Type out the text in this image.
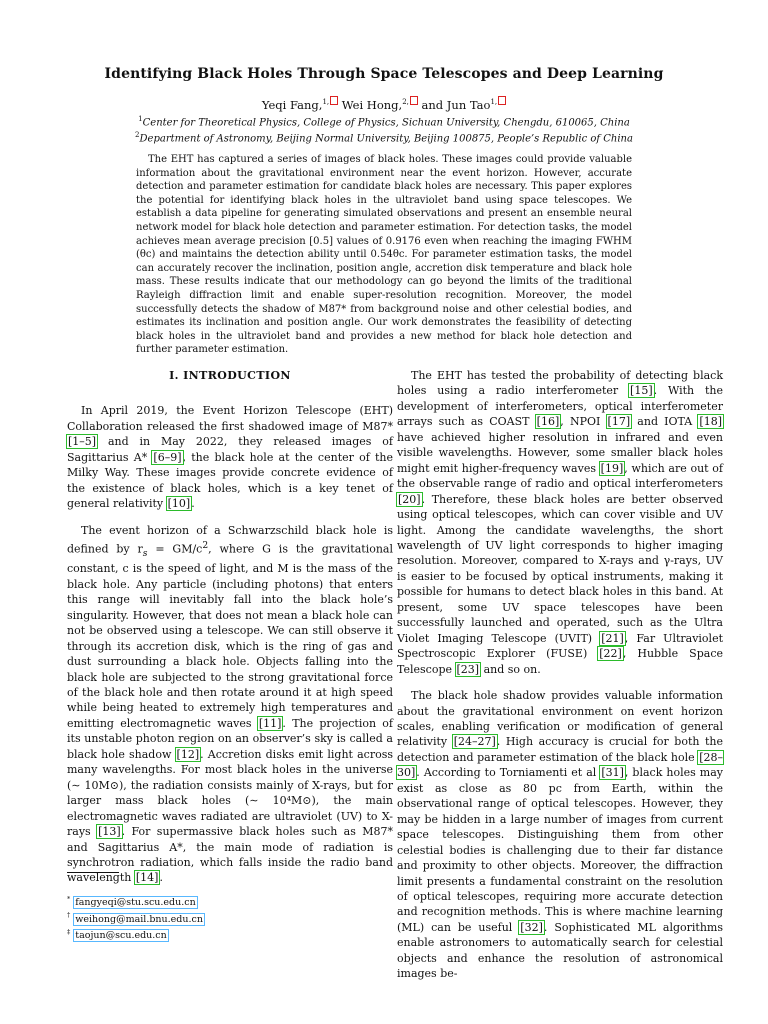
Identifying Black Holes Through Space Telescopes and Deep Learning
Yeqi Fang,$^{1,}$ Wei Hong,$^{2,}$ and Jun Tao$^{1,}$
$^1$Center for Theoretical Physics, College of Physics, Sichuan University, Chengdu, 610065, China
$^2$Department of Astronomy, Beijing Normal University, Beijing 100875, People’s Republic of China
The EHT has captured a series of images of black holes. These images could provide valuable information about the gravitational environment near the event horizon. However, accurate detection and parameter estimation for candidate black holes are necessary. This paper explores the potential for identifying black holes in the ultraviolet band using space telescopes. We establish a data pipeline for generating simulated observations and present an ensemble neural network model for black hole detection and parameter estimation. For detection tasks, the model achieves mean average precision [0.5] values of 0.9176 even when reaching the imaging FWHM (θc) and maintains the detection ability until 0.54θc. For parameter estimation tasks, the model can accurately recover the inclination, position angle, accretion disk temperature and black hole mass. These results indicate that our methodology can go beyond the limits of the traditional Rayleigh diffraction limit and enable super-resolution recognition. Moreover, the model successfully detects the shadow of M87* from background noise and other celestial bodies, and estimates its inclination and position angle. Our work demonstrates the feasibility of detecting black holes in the ultraviolet band and provides a new method for black hole detection and further parameter estimation.
I. INTRODUCTION

In April 2019, the Event Horizon Telescope (EHT) Collaboration released the first shadowed image of M87* [1–5] and in May 2022, they released images of Sagittarius A* [6–9], the black hole at the center of the Milky Way. These images provide concrete evidence of the existence of black holes, which is a key tenet of general relativity [10].

The event horizon of a Schwarzschild black hole is defined by $r_s = GM/c^2$, where G is the gravitational constant, c is the speed of light, and M is the mass of the black hole. Any particle (including photons) that enters this range will inevitably fall into the black hole’s singularity. However, that does not mean a black hole can not be observed using a telescope. We can still observe it through its accretion disk, which is the ring of gas and dust surrounding a black hole. Objects falling into the black hole are subjected to the strong gravitational force of the black hole and then rotate around it at high speed while being heated to extremely high temperatures and emitting electromagnetic waves [11]. The projection of its unstable photon region on an observer’s sky is called a black hole shadow [12]. Accretion disks emit light across many wavelengths. For most black holes in the universe (∼ 10M⊙), the radiation consists mainly of X-rays, but for larger mass black holes (∼ 10⁴M⊙), the main electromagnetic waves radiated are ultraviolet (UV) to X-rays [13]. For supermassive black holes such as M87* and Sagittarius A*, the main mode of radiation is synchrotron radiation, which falls inside the radio band wavelength [14].

The EHT has tested the probability of detecting black holes using a radio interferometer [15]. With the development of interferometers, optical interferometer arrays such as COAST [16], NPOI [17] and IOTA [18] have achieved higher resolution in infrared and even visible wavelengths. However, some smaller black holes might emit higher-frequency waves [19], which are out of the observable range of radio and optical interferometers [20]. Therefore, these black holes are better observed using optical telescopes, which can cover visible and UV light. Among the candidate wavelengths, the short wavelength of UV light corresponds to higher imaging resolution. Moreover, compared to X-rays and γ-rays, UV is easier to be focused by optical instruments, making it possible for humans to detect black holes in this band. At present, some UV space telescopes have been successfully launched and operated, such as the Ultra Violet Imaging Telescope (UVIT) [21], Far Ultraviolet Spectroscopic Explorer (FUSE) [22], Hubble Space Telescope [23] and so on.

The black hole shadow provides valuable information about the gravitational environment on event horizon scales, enabling verification or modification of general relativity [24–27]. High accuracy is crucial for both the detection and parameter estimation of the black hole [28–30]. According to Torniamenti et al [31], black holes may exist as close as 80 pc from Earth, within the observational range of optical telescopes. However, they may be hidden in a large number of images from current space telescopes. Distinguishing them from other celestial bodies is challenging due to their far distance and proximity to other objects. Moreover, the diffraction limit presents a fundamental constraint on the resolution of optical telescopes, requiring more accurate detection and recognition methods. This is where machine learning (ML) can be useful [32]. Sophisticated ML algorithms enable astronomers to automatically search for celestial objects and enhance the resolution of astronomical images be-

* fangyeqi@stu.scu.edu.cn
† weihong@mail.bnu.edu.cn
‡ taojun@scu.edu.cn
